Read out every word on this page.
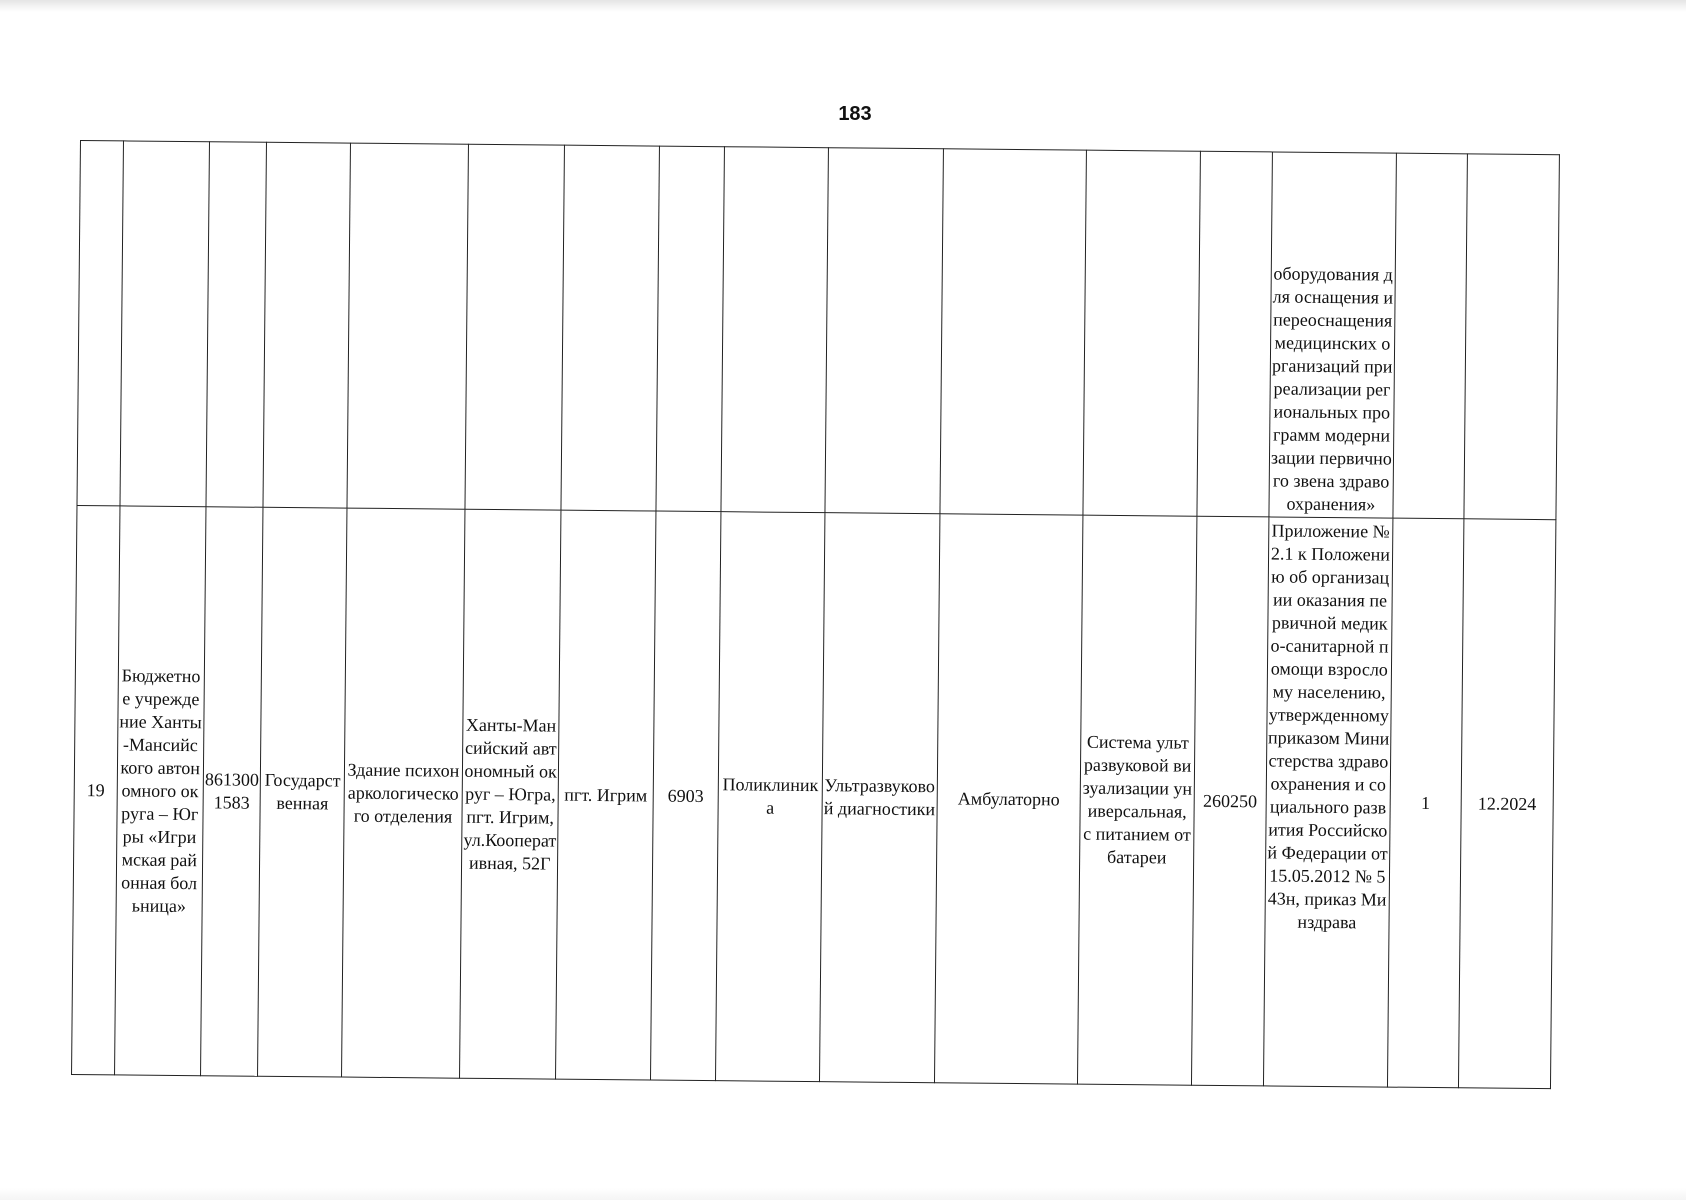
183
													оборудования для оснащения и переоснащения медицинских организаций при реализации региональных программ модернизации первичного звена здравоохранения»		
19	Бюджетное учреждение Ханты-Мансийского автономного округа – Югры «Игримская районная больница»	8613001583	Государственная	Здание психонаркологического отделения	Ханты-Мансийский автономный округ – Югра, пгт. Игрим, ул.Кооперативная, 52Г	пгт. Игрим	6903	Поликлиника	Ультразвуковой диагностики	Амбулаторно	Система ультразвуковой визуализации универсальная, с питанием от батареи	260250	Приложение № 2.1 к Положению об организации оказания первичной медико-санитарной помощи взрослому населению, утвержденному приказом Министерства здравоохранения и социального развития Российской Федерации от 15.05.2012 № 543н, приказ Минздрава	1	12.2024
